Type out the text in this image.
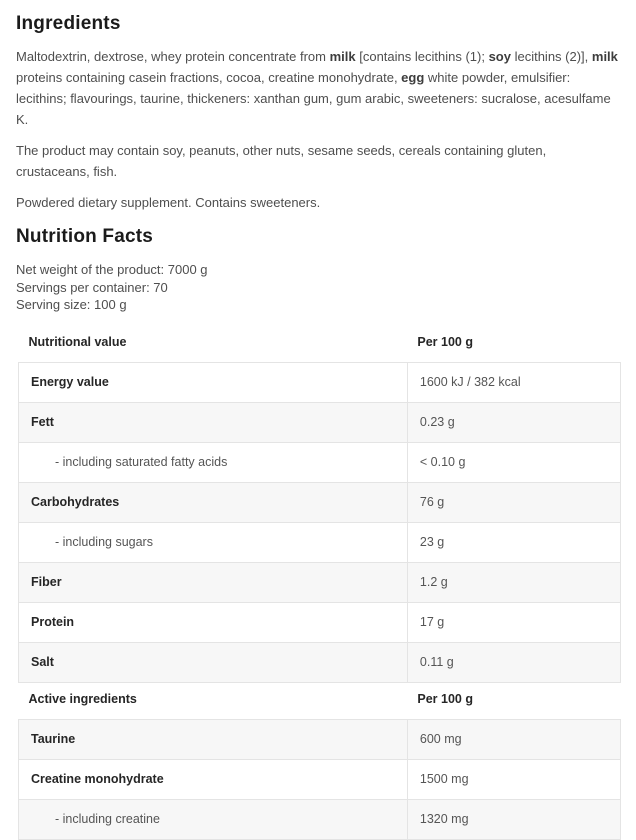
Ingredients

Maltodextrin, dextrose, whey protein concentrate from milk [contains lecithins (1); soy lecithins (2)], milk proteins containing casein fractions, cocoa, creatine monohydrate, egg white powder, emulsifier: lecithins; flavourings, taurine, thickeners: xanthan gum, gum arabic, sweeteners: sucralose, acesulfame K.

The product may contain soy, peanuts, other nuts, sesame seeds, cereals containing gluten, crustaceans, fish.

Powdered dietary supplement. Contains sweeteners.

Nutrition Facts
Net weight of the product: 7000 g
Servings per container: 70
Serving size: 100 g
Nutritional value	Per 100 g
Energy value	1600 kJ / 382 kcal
Fett	0.23 g
- including saturated fatty acids	< 0.10 g
Carbohydrates	76 g
- including sugars	23 g
Fiber	1.2 g
Protein	17 g
Salt	0.11 g
Active ingredients	Per 100 g
Taurine	600 mg
Creatine monohydrate	1500 mg
- including creatine	1320 mg
